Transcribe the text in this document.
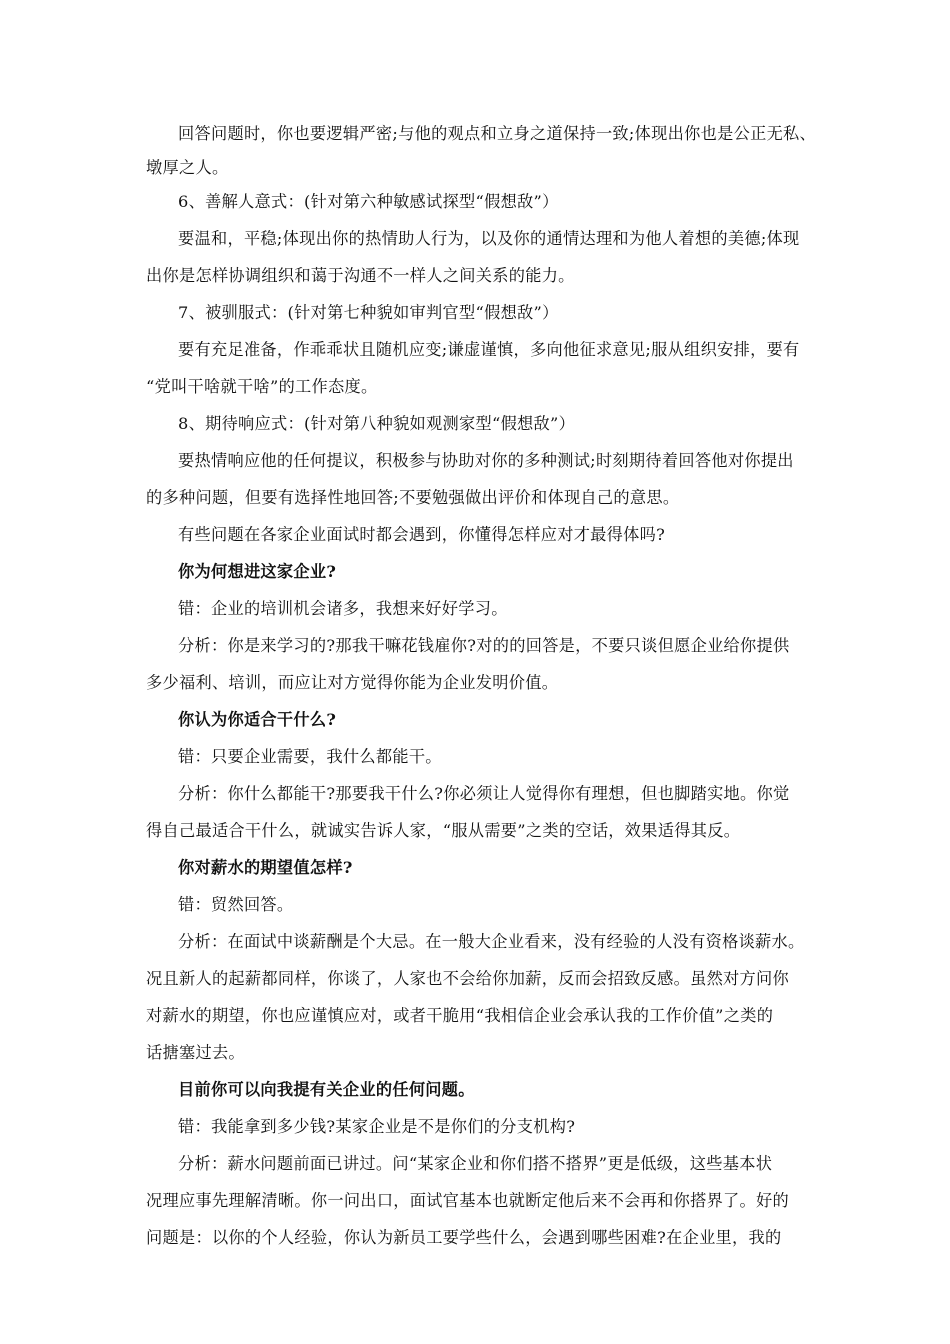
回答问题时，你也要逻辑严密;与他的观点和立身之道保持一致;体现出你也是公正无私、
墩厚之人。
6、善解人意式：(针对第六种敏感试探型“假想敌”）
要温和，平稳;体现出你的热情助人行为，以及你的通情达理和为他人着想的美德;体现
出你是怎样协调组织和蔼于沟通不一样人之间关系的能力。
7、被驯服式：(针对第七种貌如审判官型“假想敌”）
要有充足准备，作乖乖状且随机应变;谦虚谨慎，多向他征求意见;服从组织安排，要有
“党叫干啥就干啥”的工作态度。
8、期待响应式：(针对第八种貌如观测家型“假想敌”）
要热情响应他的任何提议，积极参与协助对你的多种测试;时刻期待着回答他对你提出
的多种问题，但要有选择性地回答;不要勉强做出评价和体现自己的意思。
有些问题在各家企业面试时都会遇到，你懂得怎样应对才最得体吗?
你为何想进这家企业?
错：企业的培训机会诸多，我想来好好学习。
分析：你是来学习的?那我干嘛花钱雇你?对的的回答是，不要只谈但愿企业给你提供
多少福利、培训，而应让对方觉得你能为企业发明价值。
你认为你适合干什么?
错：只要企业需要，我什么都能干。
分析：你什么都能干?那要我干什么?你必须让人觉得你有理想，但也脚踏实地。你觉
得自己最适合干什么，就诚实告诉人家，“服从需要”之类的空话，效果适得其反。
你对薪水的期望值怎样?
错：贸然回答。
分析：在面试中谈薪酬是个大忌。在一般大企业看来，没有经验的人没有资格谈薪水。
况且新人的起薪都同样，你谈了，人家也不会给你加薪，反而会招致反感。虽然对方问你
对薪水的期望，你也应谨慎应对，或者干脆用“我相信企业会承认我的工作价值”之类的
话搪塞过去。
目前你可以向我提有关企业的任何问题。
错：我能拿到多少钱?某家企业是不是你们的分支机构?
分析：薪水问题前面已讲过。问“某家企业和你们搭不搭界”更是低级，这些基本状
况理应事先理解清晰。你一问出口，面试官基本也就断定他后来不会再和你搭界了。好的
问题是：以你的个人经验，你认为新员工要学些什么，会遇到哪些困难?在企业里，我的
